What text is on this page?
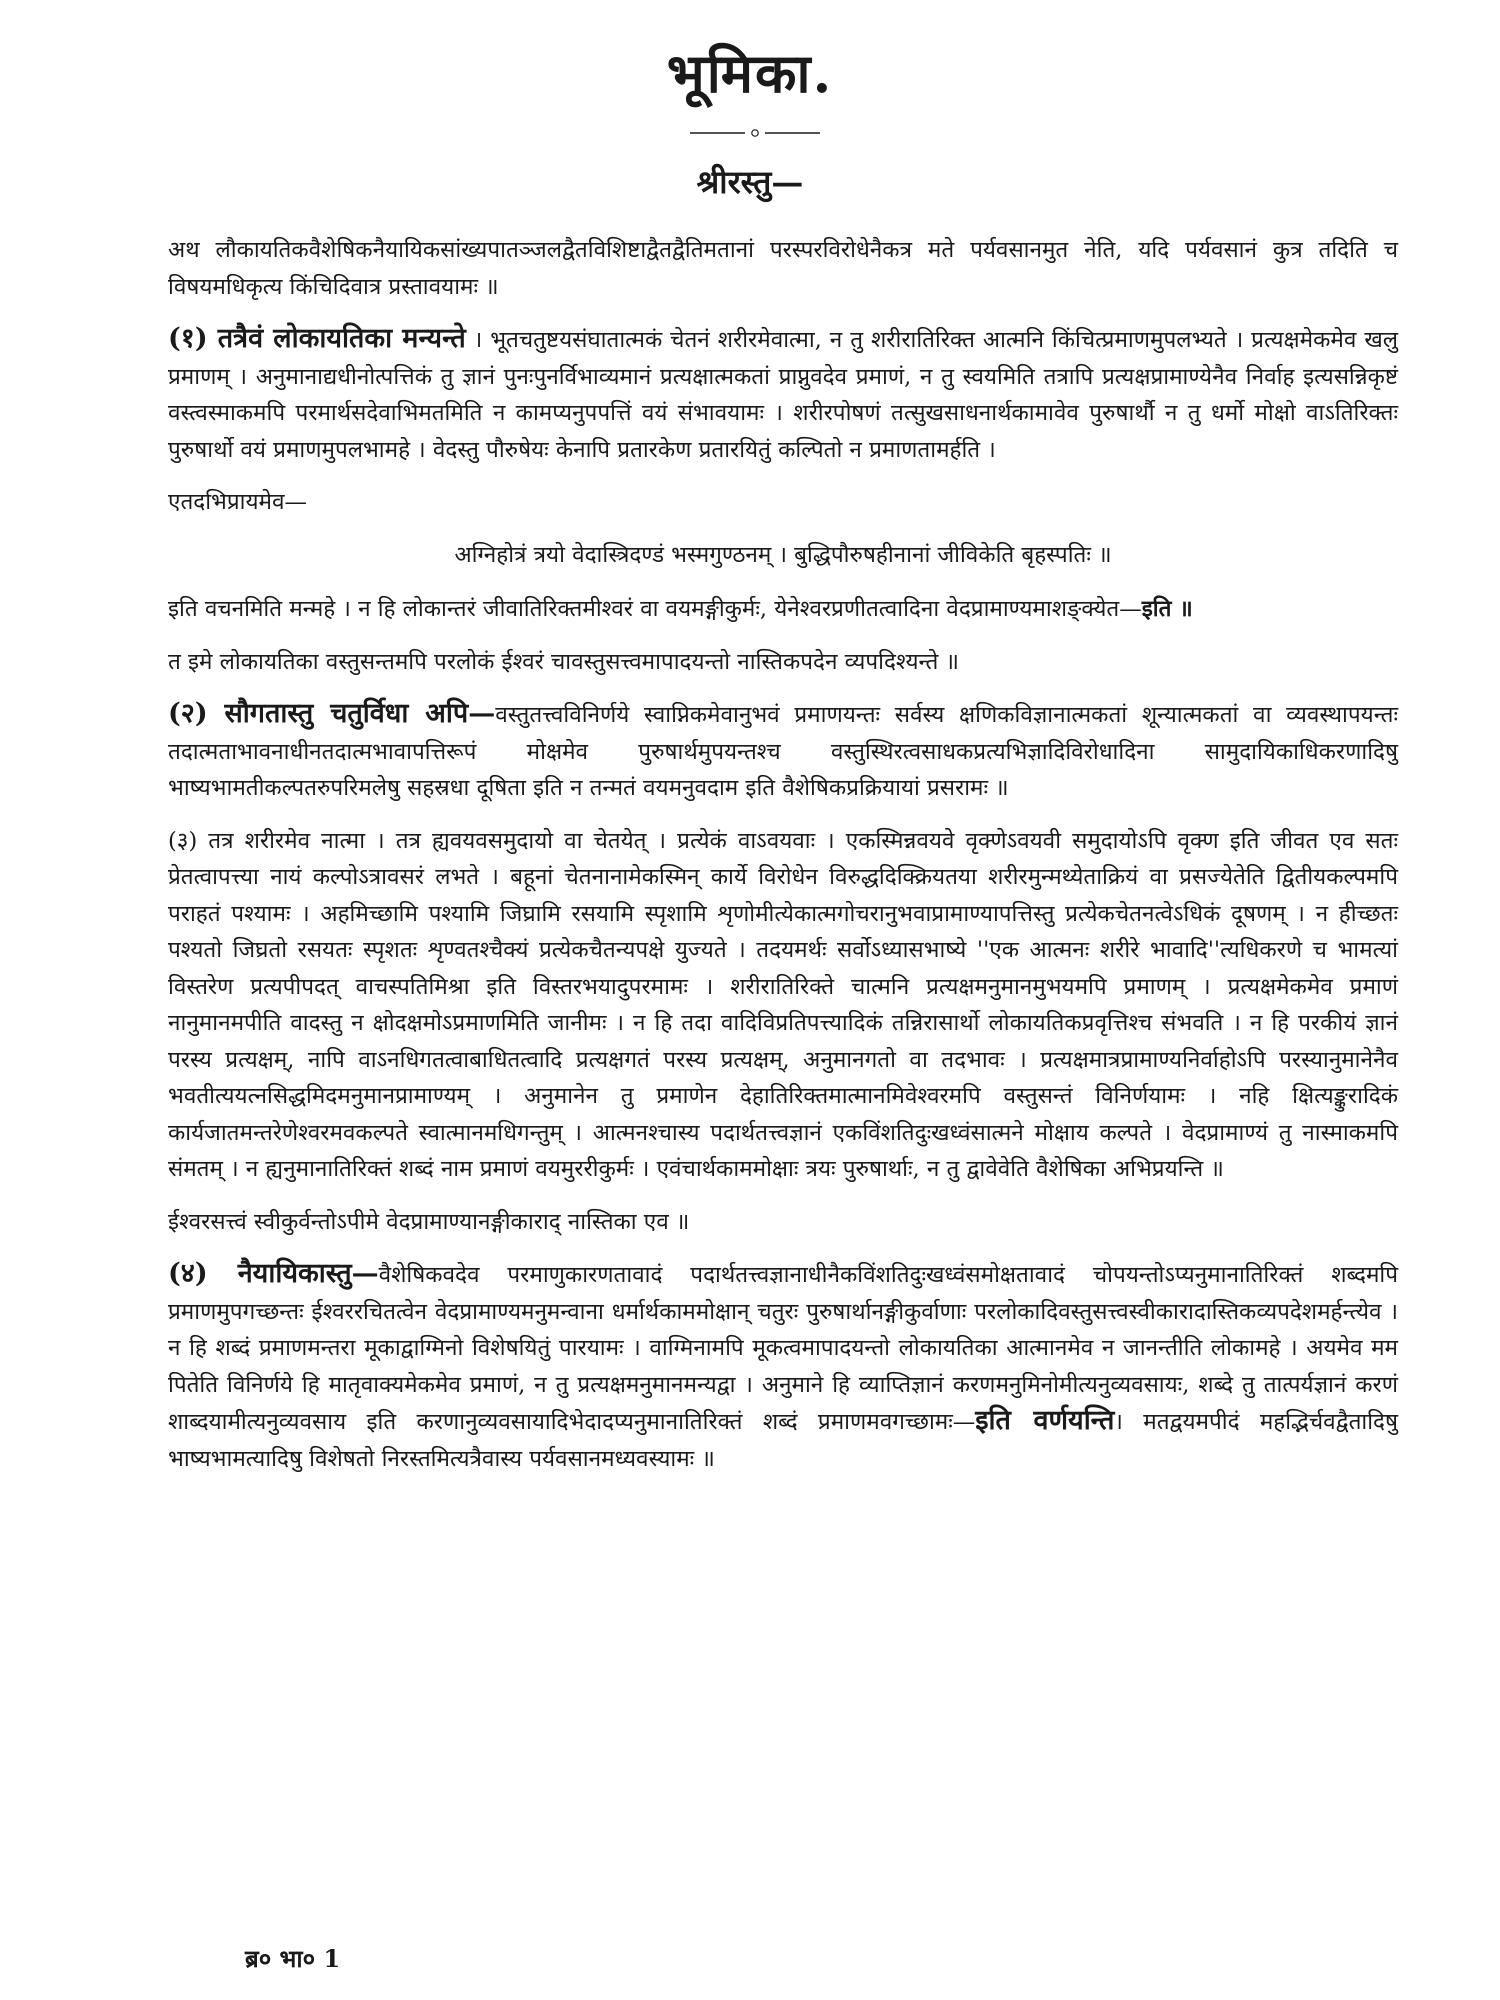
भूमिका.
श्रीरस्तु—

अथ लौकायतिकवैशेषिकनैयायिकसांख्यपातञ्जलद्वैतविशिष्टाद्वैतद्वैतिमतानां परस्परविरोधेनैकत्र मते पर्यवसानमुत नेति, यदि पर्यवसानं कुत्र तदिति च विषयमधिकृत्य किंचिदिवात्र प्रस्तावयामः ॥

(१) तत्रैवं लोकायतिका मन्यन्ते । भूतचतुष्टयसंघातात्मकं चेतनं शरीरमेवात्मा, न तु शरीरातिरिक्त आत्मनि किंचित्प्रमाणमुपलभ्यते । प्रत्यक्षमेकमेव खलु प्रमाणम् । अनुमानाद्यधीनोत्पत्तिकं तु ज्ञानं पुनःपुनर्विभाव्यमानं प्रत्यक्षात्मकतां प्राप्नुवदेव प्रमाणं, न तु स्वयमिति तत्रापि प्रत्यक्षप्रामाण्येनैव निर्वाह इत्यसन्निकृष्टं वस्त्वस्माकमपि परमार्थसदेवाभिमतमिति न कामप्यनुपपत्तिं वयं संभावयामः । शरीरपोषणं तत्सुखसाधनार्थकामावेव पुरुषार्थौ न तु धर्मो मोक्षो वाऽतिरिक्तः पुरुषार्थो वयं प्रमाणमुपलभामहे । वेदस्तु पौरुषेयः केनापि प्रतारकेण प्रतारयितुं कल्पितो न प्रमाणतामर्हति ।

एतदभिप्रायमेव—

अग्निहोत्रं त्रयो वेदास्त्रिदण्डं भस्मगुण्ठनम् । बुद्धिपौरुषहीनानां जीविकेति बृहस्पतिः ॥

इति वचनमिति मन्महे । न हि लोकान्तरं जीवातिरिक्तमीश्वरं वा वयमङ्गीकुर्मः, येनेश्वरप्रणीतत्वादिना वेदप्रामाण्यमाशङ्क्येत—इति ॥

त इमे लोकायतिका वस्तुसन्तमपि परलोकं ईश्वरं चावस्तुसत्त्वमापादयन्तो नास्तिकपदेन व्यपदिश्यन्ते ॥

(२) सौगतास्तु चतुर्विधा अपि—वस्तुतत्त्वविनिर्णये स्वाप्निकमेवानुभवं प्रमाणयन्तः सर्वस्य क्षणिकविज्ञानात्मकतां शून्यात्मकतां वा व्यवस्थापयन्तः तदात्मताभावनाधीनतदात्मभावापत्तिरूपं मोक्षमेव पुरुषार्थमुपयन्तश्च वस्तुस्थिरत्वसाधकप्रत्यभिज्ञादिविरोधादिना सामुदायिकाधिकरणादिषु भाष्यभामतीकल्पतरुपरिमलेषु सहस्रधा दूषिता इति न तन्मतं वयमनुवदाम इति वैशेषिकप्रक्रियायां प्रसरामः ॥

(३) तत्र शरीरमेव नात्मा । तत्र ह्यवयवसमुदायो वा चेतयेत् । प्रत्येकं वाऽवयवाः । एकस्मिन्नवयवे वृक्णेऽवयवी समुदायोऽपि वृक्ण इति जीवत एव सतः प्रेतत्वापत्त्या नायं कल्पोऽत्रावसरं लभते । बहूनां चेतनानामेकस्मिन् कार्ये विरोधेन विरुद्धदिक्क्रियतया शरीरमुन्मथ्येताक्रियं वा प्रसज्येतेति द्वितीयकल्पमपि पराहतं पश्यामः । अहमिच्छामि पश्यामि जिघ्रामि रसयामि स्पृशामि शृणोमीत्येकात्मगोचरानुभवाप्रामाण्यापत्तिस्तु प्रत्येकचेतनत्वेऽधिकं दूषणम् । न हीच्छतः पश्यतो जिघ्रतो रसयतः स्पृशतः शृण्वतश्चैक्यं प्रत्येकचैतन्यपक्षे युज्यते । तदयमर्थः सर्वोऽध्यासभाष्ये ''एक आत्मनः शरीरे भावादि''त्यधिकरणे च भामत्यां विस्तरेण प्रत्यपीपदत् वाचस्पतिमिश्रा इति विस्तरभयादुपरमामः । शरीरातिरिक्ते चात्मनि प्रत्यक्षमनुमानमुभयमपि प्रमाणम् । प्रत्यक्षमेकमेव प्रमाणं नानुमानमपीति वादस्तु न क्षोदक्षमोऽप्रमाणमिति जानीमः । न हि तदा वादिविप्रतिपत्त्यादिकं तन्निरासार्थो लोकायतिकप्रवृत्तिश्च संभवति । न हि परकीयं ज्ञानं परस्य प्रत्यक्षम्, नापि वाऽनधिगतत्वाबाधितत्वादि प्रत्यक्षगतं परस्य प्रत्यक्षम्, अनुमानगतो वा तदभावः । प्रत्यक्षमात्रप्रामाण्यनिर्वाहोऽपि परस्यानुमानेनैव भवतीत्ययत्नसिद्धमिदमनुमानप्रामाण्यम् । अनुमानेन तु प्रमाणेन देहातिरिक्तमात्मानमिवेश्वरमपि वस्तुसन्तं विनिर्णयामः । नहि क्षित्यङ्कुरादिकं कार्यजातमन्तरेणेश्वरमवकल्पते स्वात्मानमधिगन्तुम् । आत्मनश्चास्य पदार्थतत्त्वज्ञानं एकविंशतिदुःखध्वंसात्मने मोक्षाय कल्पते । वेदप्रामाण्यं तु नास्माकमपि संमतम् । न ह्यनुमानातिरिक्तं शब्दं नाम प्रमाणं वयमुररीकुर्मः । एवंचार्थकाममोक्षाः त्रयः पुरुषार्थाः, न तु द्वावेवेति वैशेषिका अभिप्रयन्ति ॥

ईश्वरसत्त्वं स्वीकुर्वन्तोऽपीमे वेदप्रामाण्यानङ्गीकाराद् नास्तिका एव ॥

(४) नैयायिकास्तु—वैशेषिकवदेव परमाणुकारणतावादं पदार्थतत्त्वज्ञानाधीनैकविंशतिदुःखध्वंसमोक्षतावादं चोपयन्तोऽप्यनुमानातिरिक्तं शब्दमपि प्रमाणमुपगच्छन्तः ईश्वररचितत्वेन वेदप्रामाण्यमनुमन्वाना धर्मार्थकाममोक्षान् चतुरः पुरुषार्थानङ्गीकुर्वाणाः परलोकादिवस्तुसत्त्वस्वीकारादास्तिकव्यपदेशमर्हन्त्येव । न हि शब्दं प्रमाणमन्तरा मूकाद्वाग्मिनो विशेषयितुं पारयामः । वाग्मिनामपि मूकत्वमापादयन्तो लोकायतिका आत्मानमेव न जानन्तीति लोकामहे । अयमेव मम पितेति विनिर्णये हि मातृवाक्यमेकमेव प्रमाणं, न तु प्रत्यक्षमनुमानमन्यद्वा । अनुमाने हि व्याप्तिज्ञानं करणमनुमिनोमीत्यनुव्यवसायः, शब्दे तु तात्पर्यज्ञानं करणं शाब्दयामीत्यनुव्यवसाय इति करणानुव्यवसायादिभेदादप्यनुमानातिरिक्तं शब्दं प्रमाणमवगच्छामः—इति वर्णयन्ति। मतद्वयमपीदं महद्भिर्चवद्वैतादिषु भाष्यभामत्यादिषु विशेषतो निरस्तमित्यत्रैवास्य पर्यवसानमध्यवस्यामः ॥

ब्र० भा० 1
